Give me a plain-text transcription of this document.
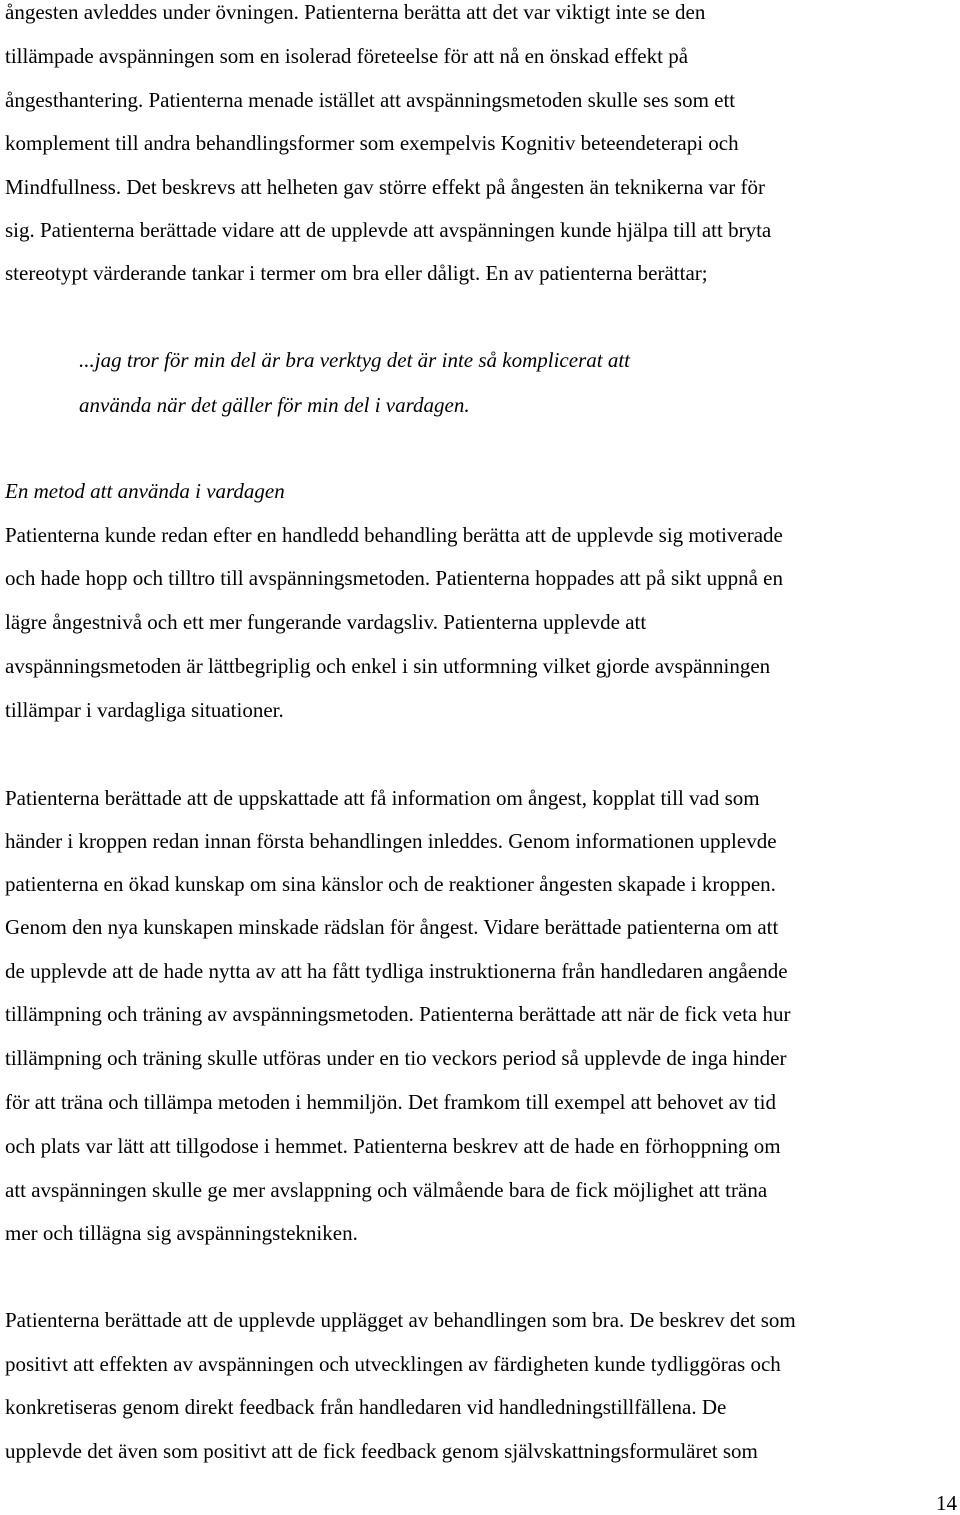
ångesten avleddes under övningen. Patienterna berätta att det var viktigt inte se den
tillämpade avspänningen som en isolerad företeelse för att nå en önskad effekt på
ångesthantering. Patienterna menade istället att avspänningsmetoden skulle ses som ett
komplement till andra behandlingsformer som exempelvis Kognitiv beteendeterapi och
Mindfullness. Det beskrevs att helheten gav större effekt på ångesten än teknikerna var för
sig. Patienterna berättade vidare att de upplevde att avspänningen kunde hjälpa till att bryta
stereotypt värderande tankar i termer om bra eller dåligt. En av patienterna berättar;
...jag tror för min del är bra verktyg det är inte så komplicerat att
använda när det gäller för min del i vardagen.
En metod att använda i vardagen
Patienterna kunde redan efter en handledd behandling berätta att de upplevde sig motiverade
och hade hopp och tilltro till avspänningsmetoden. Patienterna hoppades att på sikt uppnå en
lägre ångestnivå och ett mer fungerande vardagsliv. Patienterna upplevde att
avspänningsmetoden är lättbegriplig och enkel i sin utformning vilket gjorde avspänningen
tillämpar i vardagliga situationer.
Patienterna berättade att de uppskattade att få information om ångest, kopplat till vad som
händer i kroppen redan innan första behandlingen inleddes. Genom informationen upplevde
patienterna en ökad kunskap om sina känslor och de reaktioner ångesten skapade i kroppen.
Genom den nya kunskapen minskade rädslan för ångest. Vidare berättade patienterna om att
de upplevde att de hade nytta av att ha fått tydliga instruktionerna från handledaren angående
tillämpning och träning av avspänningsmetoden. Patienterna berättade att när de fick veta hur
tillämpning och träning skulle utföras under en tio veckors period så upplevde de inga hinder
för att träna och tillämpa metoden i hemmiljön. Det framkom till exempel att behovet av tid
och plats var lätt att tillgodose i hemmet. Patienterna beskrev att de hade en förhoppning om
att avspänningen skulle ge mer avslappning och välmående bara de fick möjlighet att träna
mer och tillägna sig avspänningstekniken.
Patienterna berättade att de upplevde upplägget av behandlingen som bra. De beskrev det som
positivt att effekten av avspänningen och utvecklingen av färdigheten kunde tydliggöras och
konkretiseras genom direkt feedback från handledaren vid handledningstillfällena. De
upplevde det även som positivt att de fick feedback genom självskattningsformuläret som
14
